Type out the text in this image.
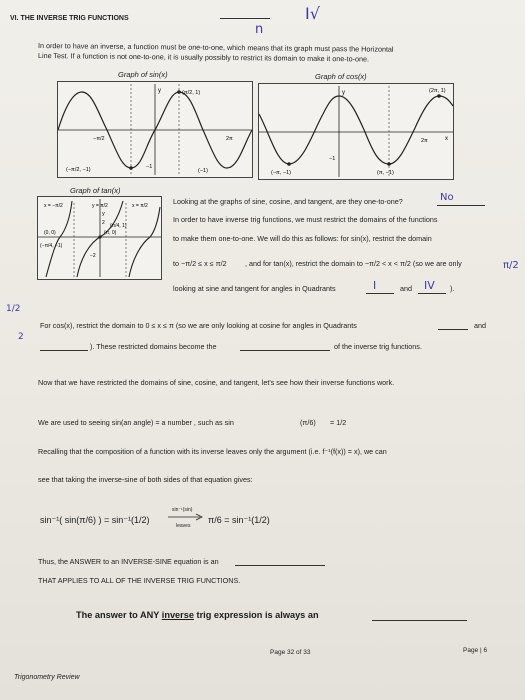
VI. THE INVERSE TRIG FUNCTIONS
n
I√
In order to have an inverse, a function must be one-to-one, which means that its graph must pass the Horizontal
Line Test. If a function is not one-to-one, it is usually possibly to restrict its domain to make it one-to-one.
Graph of sin(x)
y	(π/2, 1)
(−π/2, −1)	−1
2π
−π/2
(−1)
Graph of cos(x)
y	(2π, 1)
(π, −1)
(−π, −1)
−1
2π	x
Graph of tan(x)
x = −π/2	y = π/2	x = π/2
y
2
−2
(0, 0)	(π, 0)
(π/4, 1)
(−π/4, −1)
Looking at the graphs of sine, cosine, and tangent, are they one-to-one?	No
In order to have inverse trig functions, we must restrict the domains of the functions
to make them one-to-one. We will do this as follows: for sin(x), restrict the domain
to −π/2 ≤ x ≤ π/2	, and for tan(x), restrict the domain to −π/2 < x < π/2 (so we are only
looking at sine and tangent for angles in Quadrants	I	and IV ).
π/2
1/2
2
For cos(x), restrict the domain to 0 ≤ x ≤ π (so we are only looking at cosine for angles in Quadrants	and
). These restricted domains become the	of the inverse trig functions.
Now that we have restricted the domains of sine, cosine, and tangent, let's see how their inverse functions work.
We are used to seeing sin(an angle) = a number , such as sin	(π/6) = 1/2
Recalling that the composition of a function with its inverse leaves only the argument (i.e. f⁻¹(f(x)) = x), we can
see that taking the inverse-sine of both sides of that equation gives:
sin⁻¹( sin(π/6) ) = sin⁻¹(1/2)
sin⁻¹(sin)
leaves
π/6 = sin⁻¹(1/2)
Thus, the ANSWER to an INVERSE-SINE equation is an
THAT APPLIES TO ALL OF THE INVERSE TRIG FUNCTIONS.
The answer to ANY inverse trig expression is always an
Page 32 of 33	Page | 6
Trigonometry Review
